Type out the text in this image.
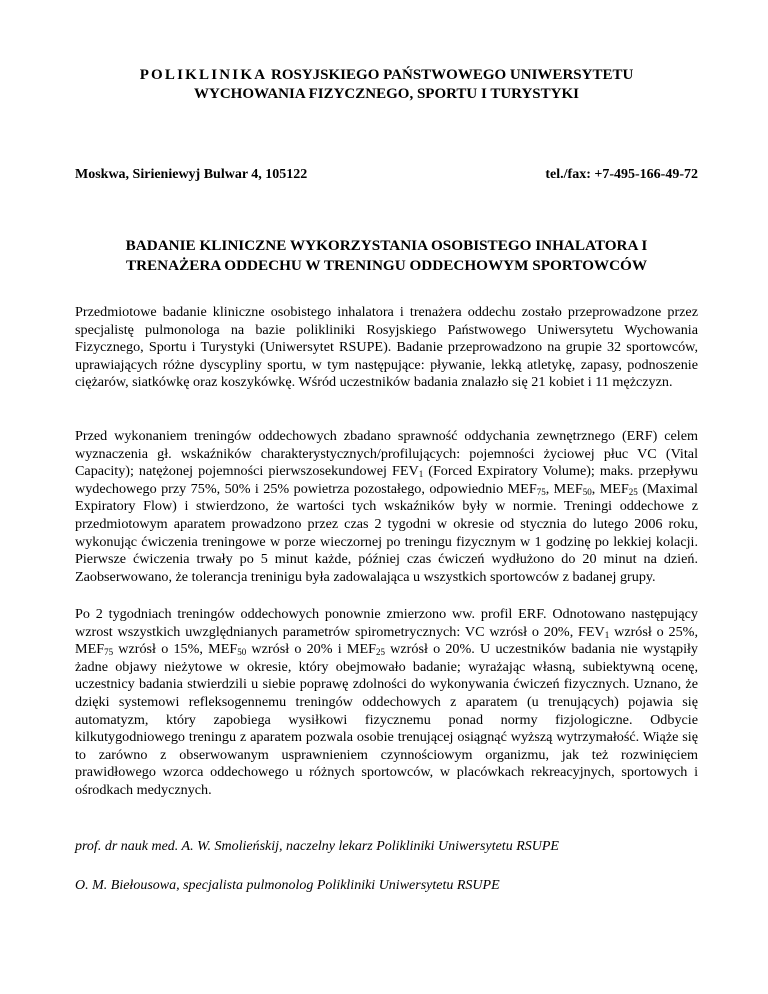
POLIKLINIKA ROSYJSKIEGO PAŃSTWOWEGO UNIWERSYTETU
WYCHOWANIA FIZYCZNEGO, SPORTU I TURYSTYKI
Moskwa, Sirieniewyj Bulwar 4, 105122	tel./fax: +7-495-166-49-72
BADANIE KLINICZNE WYKORZYSTANIA OSOBISTEGO INHALATORA I
TRENAŻERA ODDECHU W TRENINGU ODDECHOWYM SPORTOWCÓW

Przedmiotowe badanie kliniczne osobistego inhalatora i trenażera oddechu zostało przeprowadzone przez specjalistę pulmonologa na bazie polikliniki Rosyjskiego Państwowego Uniwersytetu Wychowania Fizycznego, Sportu i Turystyki (Uniwersytet RSUPE). Badanie przeprowadzono na grupie 32 sportowców, uprawiających różne dyscypliny sportu, w tym następujące: pływanie, lekką atletykę, zapasy, podnoszenie ciężarów, siatkówkę oraz koszykówkę. Wśród uczestników badania znalazło się 21 kobiet i 11 mężczyzn.

Przed wykonaniem treningów oddechowych zbadano sprawność oddychania zewnętrznego (ERF) celem wyznaczenia gł. wskaźników charakterystycznych/profilujących: pojemności życiowej płuc VC (Vital Capacity); natężonej pojemności pierwszosekundowej $FEV_1$ (Forced Expiratory Volume); maks. przepływu wydechowego przy 75%, 50% i 25% powietrza pozostałego, odpowiednio $MEF_{75}$, $MEF_{50}$, $MEF_{25}$ (Maximal Expiratory Flow) i stwierdzono, że wartości tych wskaźników były w normie. Treningi oddechowe z przedmiotowym aparatem prowadzono przez czas 2 tygodni w okresie od stycznia do lutego 2006 roku, wykonując ćwiczenia treningowe w porze wieczornej po treningu fizycznym w 1 godzinę po lekkiej kolacji. Pierwsze ćwiczenia trwały po 5 minut każde, później czas ćwiczeń wydłużono do 20 minut na dzień. Zaobserwowano, że tolerancja treninigu była zadowalająca u wszystkich sportowców z badanej grupy.

Po 2 tygodniach treningów oddechowych ponownie zmierzono ww. profil ERF. Odnotowano następujący wzrost wszystkich uwzględnianych parametrów spirometrycznych: VC wzrósł o 20%, $FEV_1$ wzrósł o 25%, $MEF_{75}$ wzrósł o 15%, $MEF_{50}$ wzrósł o 20% i $MEF_{25}$ wzrósł o 20%. U uczestników badania nie wystąpiły żadne objawy nieżytowe w okresie, który obejmowało badanie; wyrażając własną, subiektywną ocenę, uczestnicy badania stwierdzili u siebie poprawę zdolności do wykonywania ćwiczeń fizycznych. Uznano, że dzięki systemowi refleksogennemu treningów oddechowych z aparatem (u trenujących) pojawia się automatyzm, który zapobiega wysiłkowi fizycznemu ponad normy fizjologiczne. Odbycie kilkutygodniowego treningu z aparatem pozwala osobie trenującej osiągnąć wyższą wytrzymałość. Wiąże się to zarówno z obserwowanym usprawnieniem czynnościowym organizmu, jak też rozwinięciem prawidłowego wzorca oddechowego u różnych sportowców, w placówkach rekreacyjnych, sportowych i ośrodkach medycznych.

prof. dr nauk med. A. W. Smolieńskij, naczelny lekarz Polikliniki Uniwersytetu RSUPE
O. M. Biełousowa, specjalista pulmonolog Polikliniki Uniwersytetu RSUPE
